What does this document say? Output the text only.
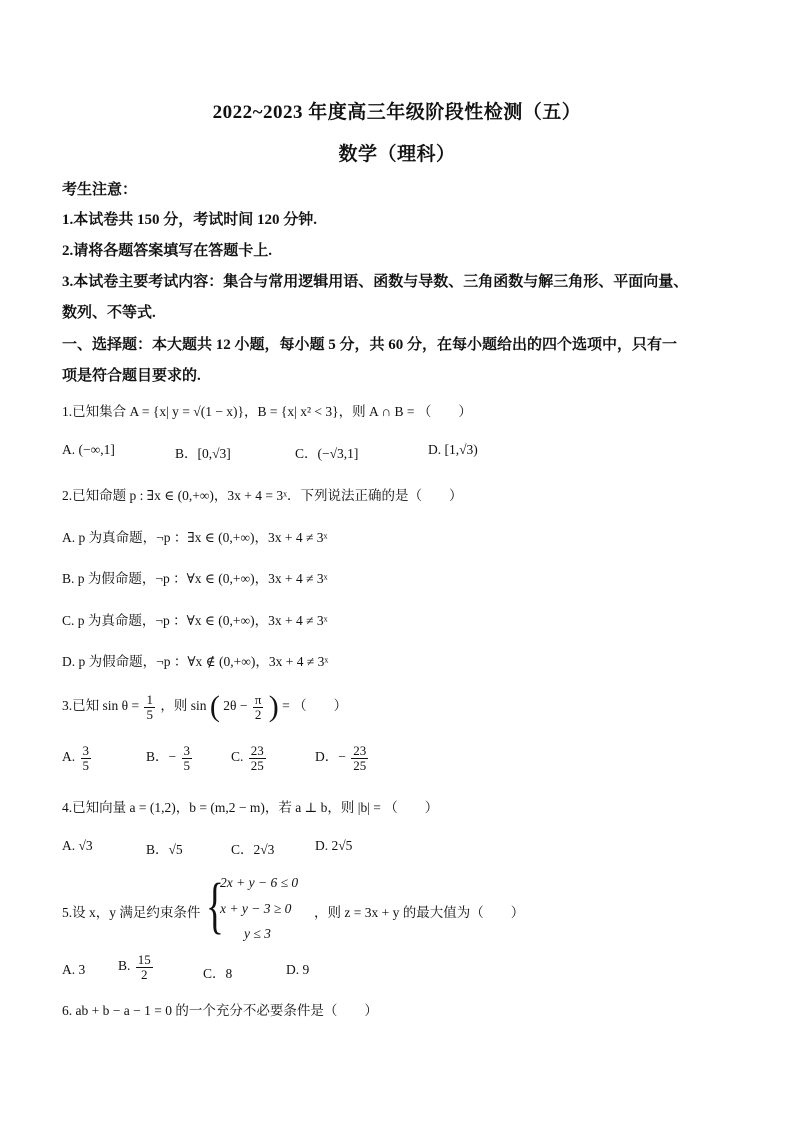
2022~2023 年度高三年级阶段性检测（五）
数学（理科）
考生注意：
1.本试卷共 150 分，考试时间 120 分钟.
2.请将各题答案填写在答题卡上.
3.本试卷主要考试内容：集合与常用逻辑用语、函数与导数、三角函数与解三角形、平面向量、
数列、不等式.
一、选择题：本大题共 12 小题，每小题 5 分，共 60 分，在每小题给出的四个选项中，只有一
项是符合题目要求的.
1.已知集合 A = {x| y = √(1 − x)}，B = {x| x² < 3}，则 A ∩ B = （　　）
A. (−∞,1]	B．[0,√3]	C．(−√3,1]	D. [1,√3)
2.已知命题 p : ∃x ∈ (0,+∞)，3x + 4 = 3ˣ．下列说法正确的是（　　）
A. p 为真命题，¬p ：∃x ∈ (0,+∞)，3x + 4 ≠ 3ˣ
B. p 为假命题，¬p ：∀x ∈ (0,+∞)，3x + 4 ≠ 3ˣ
C. p 为真命题，¬p ：∀x ∈ (0,+∞)，3x + 4 ≠ 3ˣ
D. p 为假命题，¬p ：∀x ∉ (0,+∞)，3x + 4 ≠ 3ˣ
3.已知 $\sin \theta = \frac{1}{5}$ ，则 sin ( $2\theta - \frac{\pi}{2}$ ) = （　　）
A. $\frac{3}{5}$	B．− $\frac{3}{5}$	C. $\frac{23}{25}$	D．− $\frac{23}{25}$
4.已知向量 a = (1,2)，b = (m,2 − m)，若 a ⊥ b，则 |b| = （　　）
A. √3	B．√5	C．2√3	D. 2√5
5.设 x，y 满足约束条件 {
2x + y − 6 ≤ 0
x + y − 3 ≥ 0
y ≤ 3
，则 z = 3x + y 的最大值为（　　）
A. 3 B. $\frac{15}{2}$	C．8	D. 9
6. ab + b − a − 1 = 0 的一个充分不必要条件是（　　）
